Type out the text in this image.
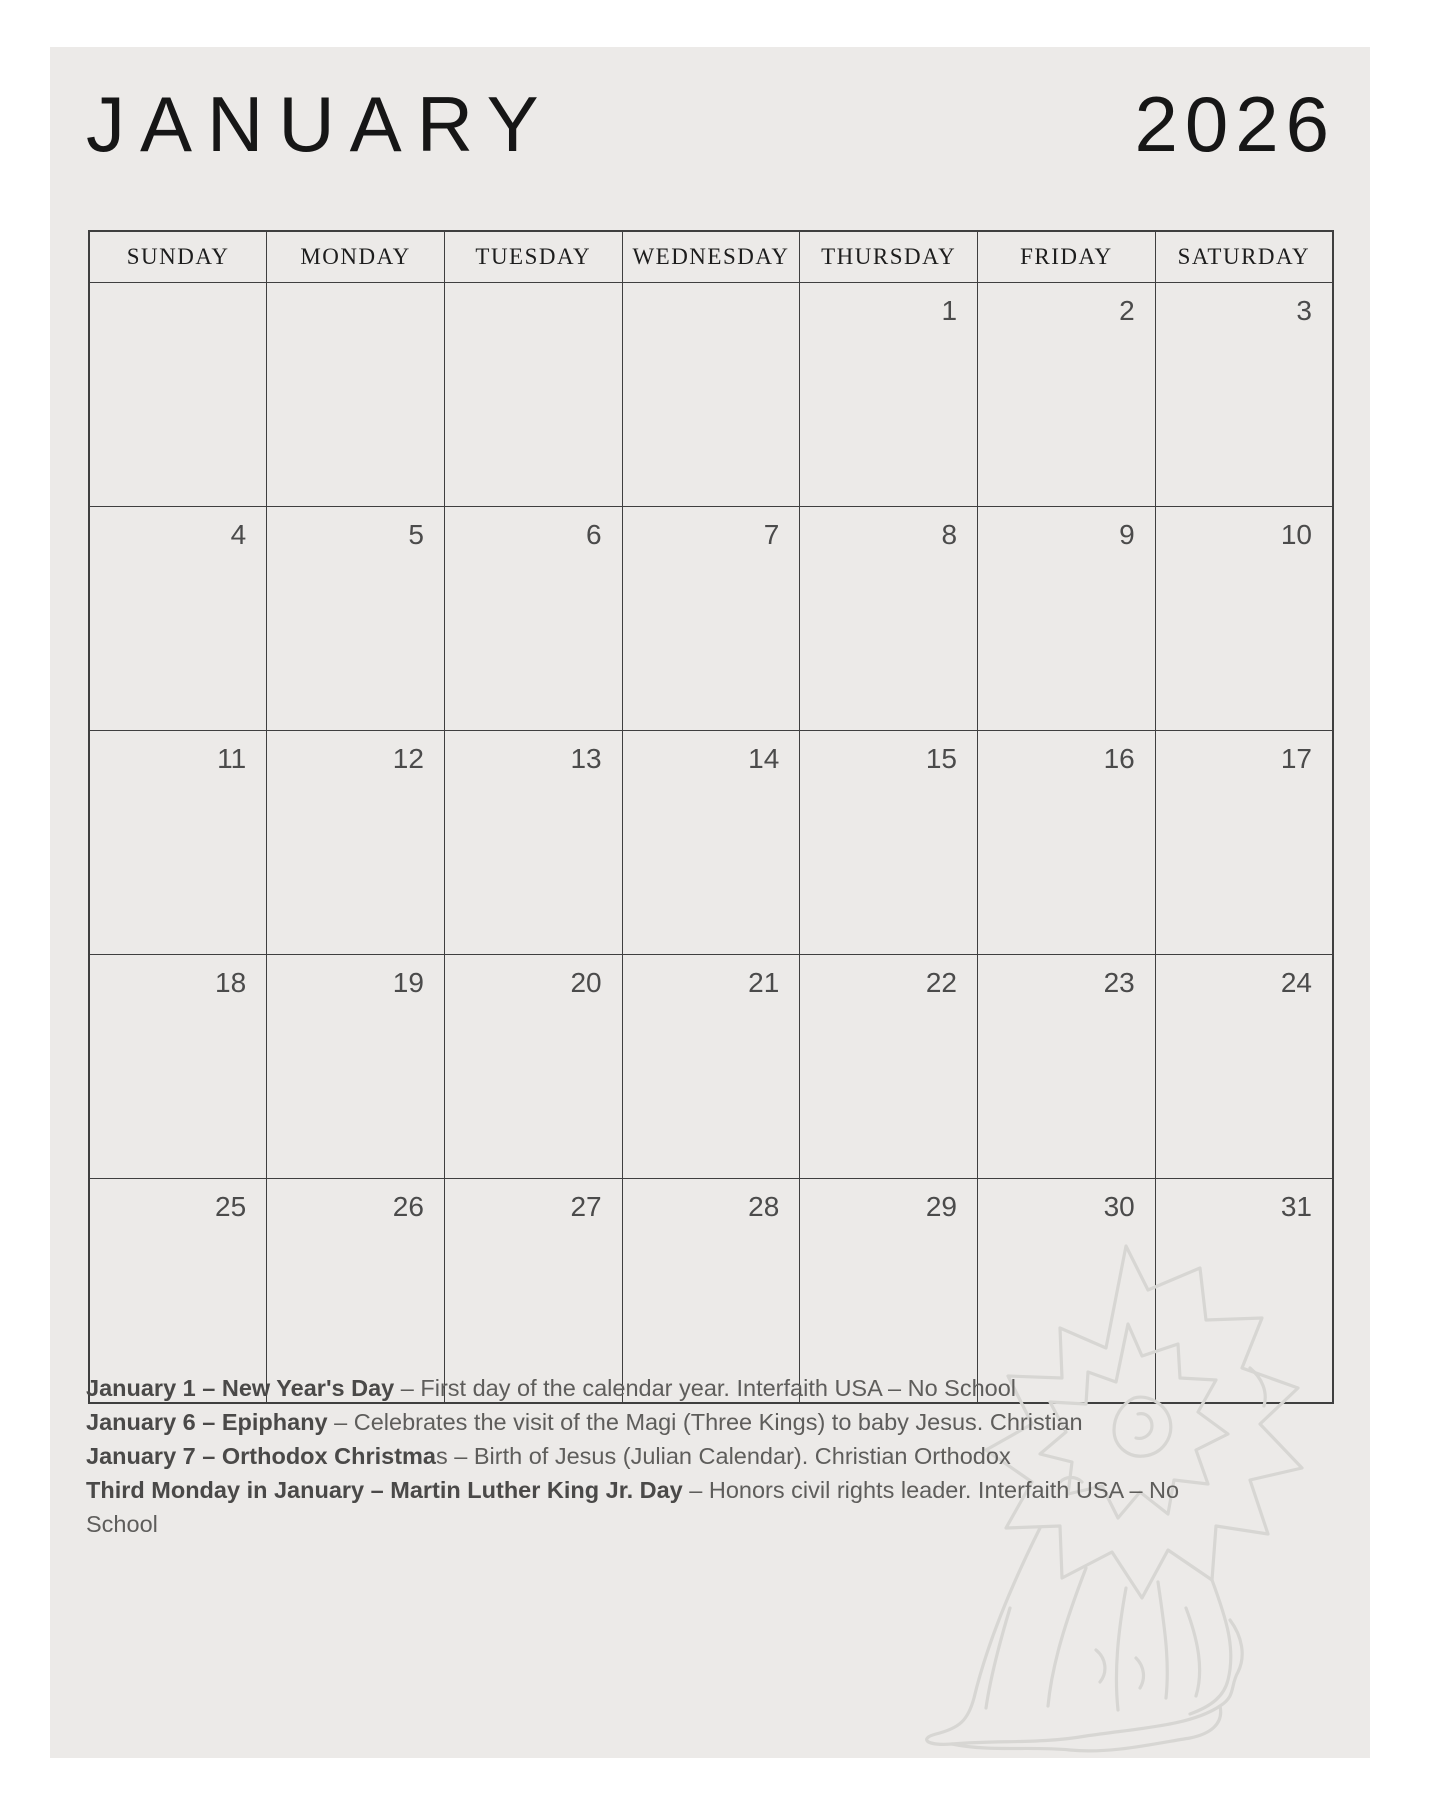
JANUARY	2026
SUNDAY	MONDAY	TUESDAY	WEDNESDAY	THURSDAY	FRIDAY	SATURDAY
				1	2	3
4	5	6	7	8	9	10
11	12	13	14	15	16	17
18	19	20	21	22	23	24
25	26	27	28	29	30	31

January 1 – New Year's Day – First day of the calendar year. Interfaith USA – No School

January 6 – Epiphany – Celebrates the visit of the Magi (Three Kings) to baby Jesus. Christian

January 7 – Orthodox Christmas – Birth of Jesus (Julian Calendar). Christian Orthodox

Third Monday in January – Martin Luther King Jr. Day – Honors civil rights leader. Interfaith USA – No School
